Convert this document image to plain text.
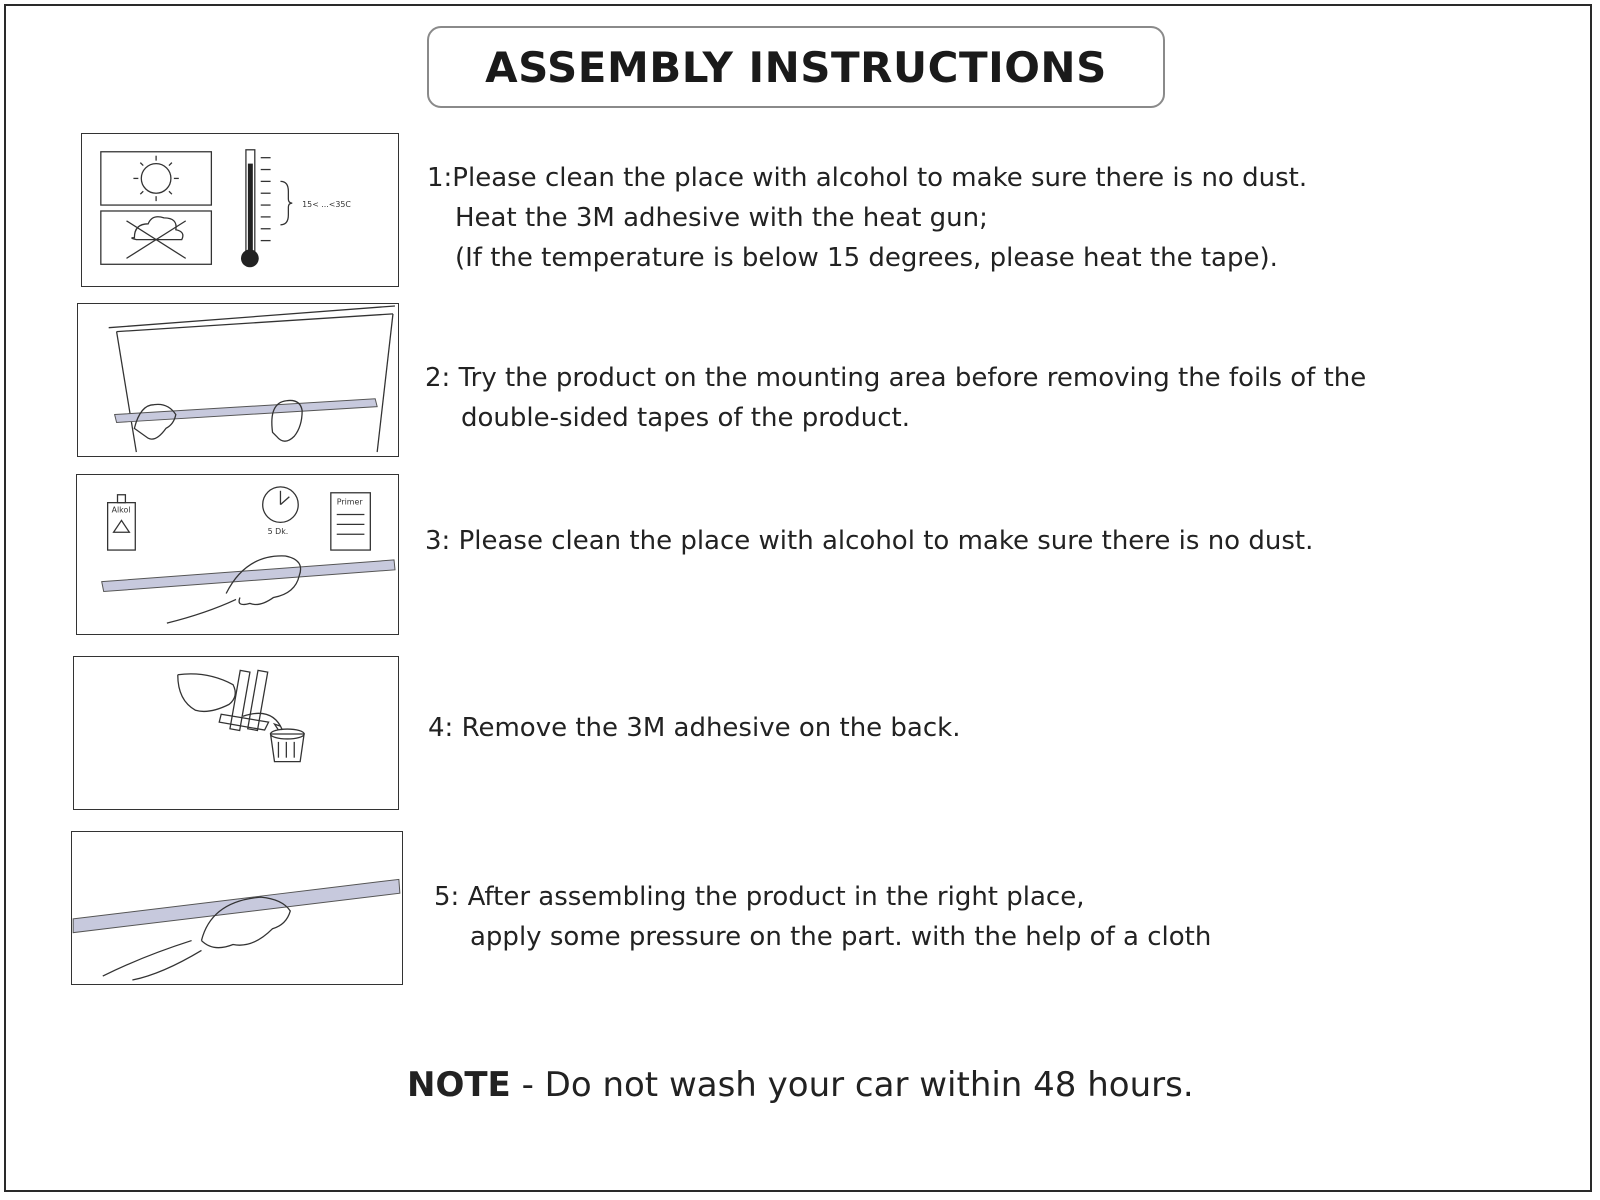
ASSEMBLY INSTRUCTIONS
15< ...<35C
Alkol
5 Dk.
Primer
1:Please clean the place with alcohol to make sure there is no dust.
Heat the 3M adhesive with the heat gun;
(If the temperature is below 15 degrees, please heat the tape).
2: Try the product on the mounting area before removing the foils of the
double-sided tapes of the product.
3: Please clean the place with alcohol to make sure there is no dust.
4: Remove the 3M adhesive on the back.
5: After assembling the product in the right place,
apply some pressure on the part. with the help of a cloth
NOTE - Do not wash your car within 48 hours.
